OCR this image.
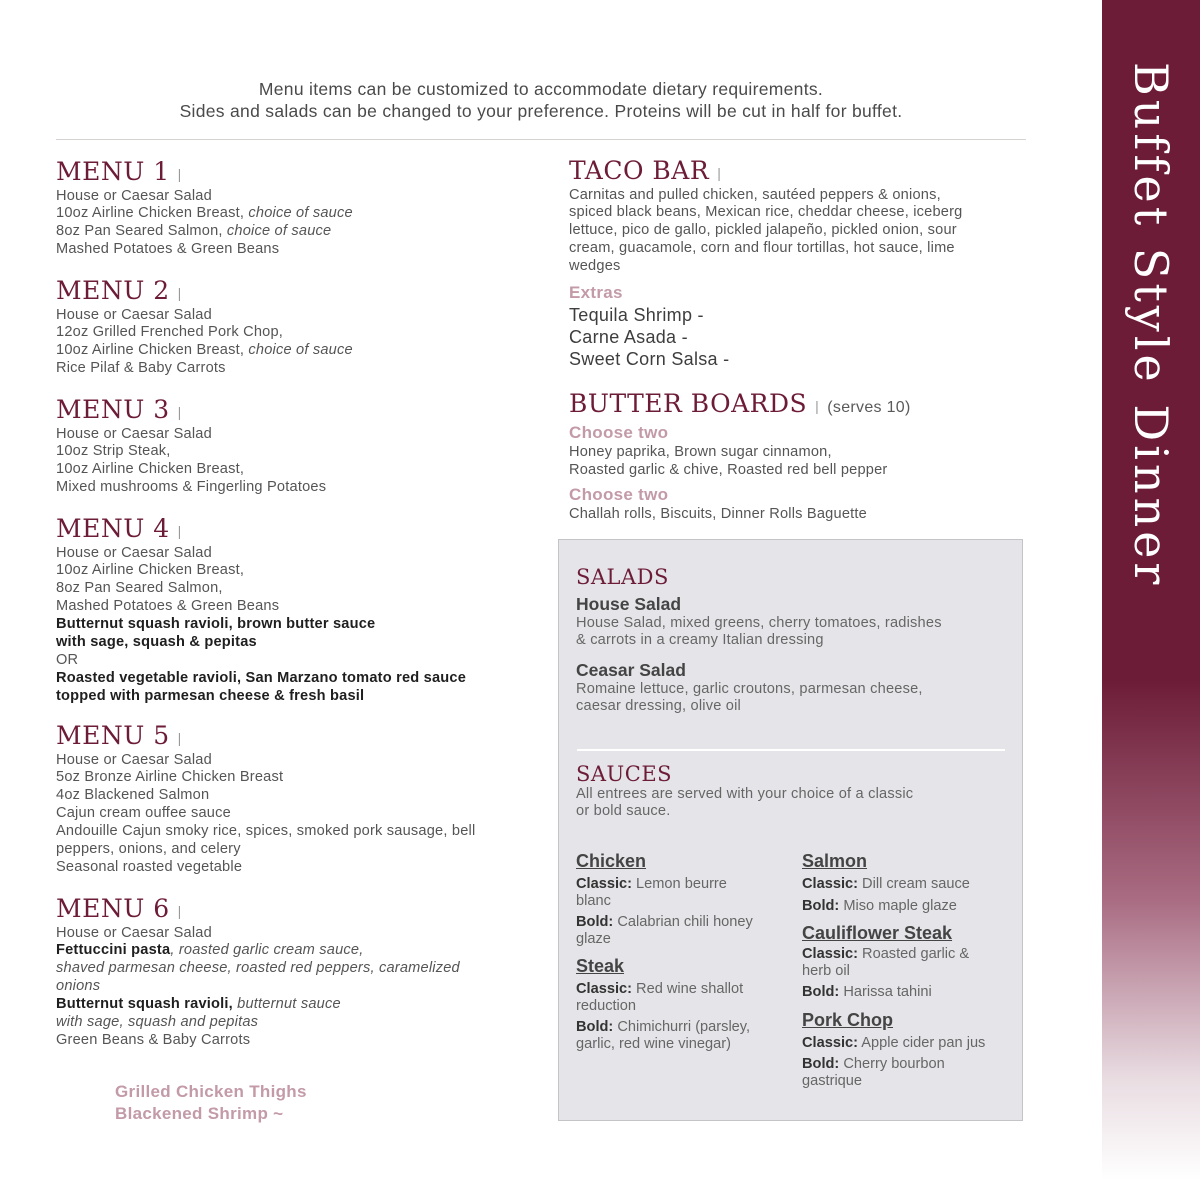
Buffet Style Dinner
Menu items can be customized to accommodate dietary requirements.
Sides and salads can be changed to your preference. Proteins will be cut in half for buffet.
MENU 1 |
House or Caesar Salad
10oz Airline Chicken Breast, choice of sauce
8oz Pan Seared Salmon, choice of sauce
Mashed Potatoes & Green Beans
MENU 2 |
House or Caesar Salad
12oz Grilled Frenched Pork Chop,
10oz Airline Chicken Breast, choice of sauce
Rice Pilaf & Baby Carrots
MENU 3 |
House or Caesar Salad
10oz Strip Steak,
10oz Airline Chicken Breast,
Mixed mushrooms & Fingerling Potatoes
MENU 4 |
House or Caesar Salad
10oz Airline Chicken Breast,
8oz Pan Seared Salmon,
Mashed Potatoes & Green Beans
Butternut squash ravioli, brown butter sauce
with sage, squash & pepitas
OR
Roasted vegetable ravioli, San Marzano tomato red sauce
topped with parmesan cheese & fresh basil
MENU 5 |
House or Caesar Salad
5oz Bronze Airline Chicken Breast
4oz Blackened Salmon
Cajun cream ouffee sauce
Andouille Cajun smoky rice, spices, smoked pork sausage, bell
peppers, onions, and celery
Seasonal roasted vegetable
MENU 6 |
House or Caesar Salad
Fettuccini pasta, roasted garlic cream sauce,
shaved parmesan cheese, roasted red peppers, caramelized
onions
Butternut squash ravioli, butternut sauce
with sage, squash and pepitas
Green Beans & Baby Carrots
Grilled Chicken Thighs
Blackened Shrimp ~
TACO BAR |
Carnitas and pulled chicken, sautéed peppers & onions,
spiced black beans, Mexican rice, cheddar cheese, iceberg
lettuce, pico de gallo, pickled jalapeño, pickled onion, sour
cream, guacamole, corn and flour tortillas, hot sauce, lime
wedges
Extras
Tequila Shrimp -
Carne Asada -
Sweet Corn Salsa -
BUTTER BOARDS | (serves 10)
Choose two
Honey paprika, Brown sugar cinnamon,
Roasted garlic & chive, Roasted red bell pepper
Choose two
Challah rolls, Biscuits, Dinner Rolls Baguette
SALADS
House Salad
House Salad, mixed greens, cherry tomatoes, radishes
& carrots in a creamy Italian dressing
Ceasar Salad
Romaine lettuce, garlic croutons, parmesan cheese,
caesar dressing, olive oil
SAUCES
All entrees are served with your choice of a classic
or bold sauce.
Chicken
Classic: Lemon beurre
blanc
Bold: Calabrian chili honey
glaze
Steak
Classic: Red wine shallot
reduction
Bold: Chimichurri (parsley,
garlic, red wine vinegar)
Salmon
Classic: Dill cream sauce
Bold: Miso maple glaze
Cauliflower Steak
Classic: Roasted garlic &
herb oil
Bold: Harissa tahini
Pork Chop
Classic: Apple cider pan jus
Bold: Cherry bourbon
gastrique
